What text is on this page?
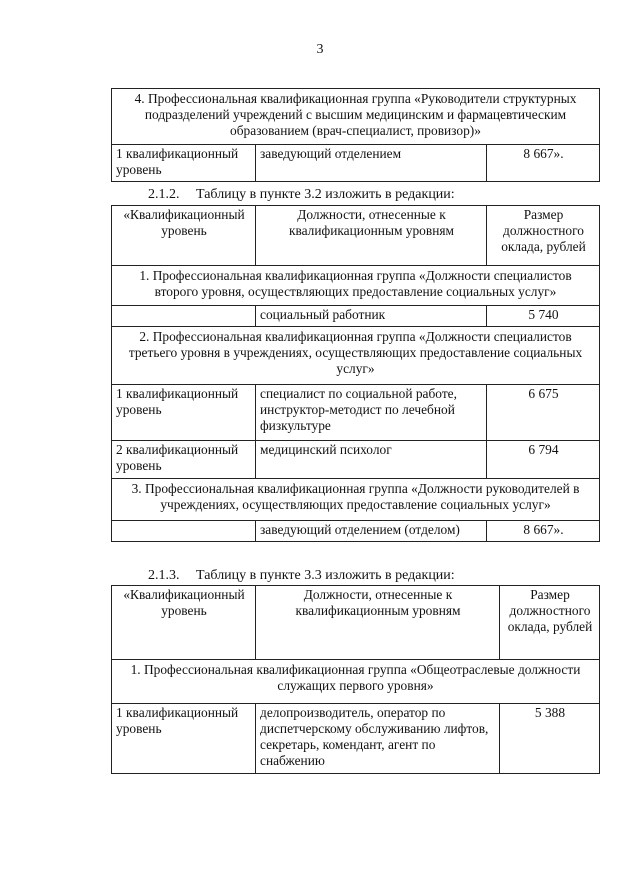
3
4. Профессиональная квалификационная группа «Руководители структурных подразделений учреждений с высшим медицинским и фармацевтическим образованием (врач-специалист, провизор)»
1 квалификационный уровень	заведующий отделением	8 667».
2.1.2. Таблицу в пункте 3.2 изложить в редакции:
«Квалификационный уровень	Должности, отнесенные к квалификационным уровням	Размер должностного оклада, рублей
1. Профессиональная квалификационная группа «Должности специалистов второго уровня, осуществляющих предоставление социальных услуг»		
	социальный работник	5 740
2. Профессиональная квалификационная группа «Должности специалистов третьего уровня в учреждениях, осуществляющих предоставление социальных услуг»		
1 квалификационный уровень	специалист по социальной работе, инструктор-методист по лечебной физкультуре	6 675
2 квалификационный уровень	медицинский психолог	6 794
3. Профессиональная квалификационная группа «Должности руководителей в учреждениях, осуществляющих предоставление социальных услуг»		
	заведующий отделением (отделом)	8 667».
2.1.3. Таблицу в пункте 3.3 изложить в редакции:
«Квалификационный уровень	Должности, отнесенные к квалификационным уровням	Размер должностного оклада, рублей
1. Профессиональная квалификационная группа «Общеотраслевые должности служащих первого уровня»		
1 квалификационный уровень	делопроизводитель, оператор по диспетчерскому обслуживанию лифтов, секретарь, комендант, агент по снабжению	5 388
